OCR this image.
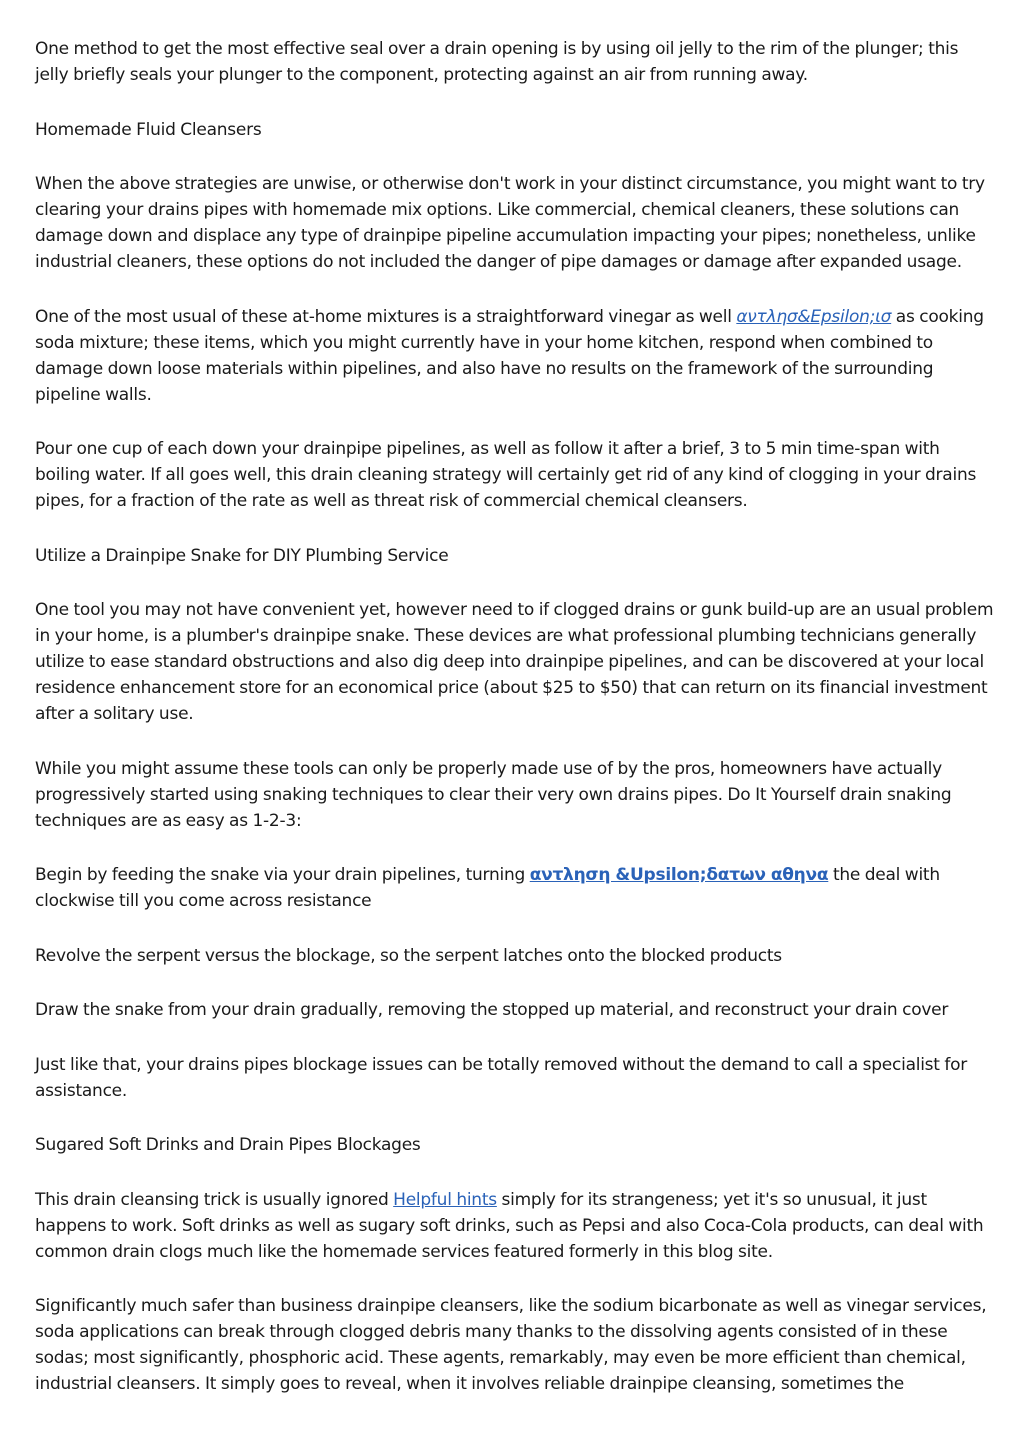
One method to get the most effective seal over a drain opening is by using oil jelly to the rim of the plunger; this jelly briefly seals your plunger to the component, protecting against an air from running away.

Homemade Fluid Cleansers

When the above strategies are unwise, or otherwise don't work in your distinct circumstance, you might want to try clearing your drains pipes with homemade mix options. Like commercial, chemical cleaners, these solutions can damage down and displace any type of drainpipe pipeline accumulation impacting your pipes; nonetheless, unlike industrial cleaners, these options do not included the danger of pipe damages or damage after expanded usage.

One of the most usual of these at-home mixtures is a straightforward vinegar as well αντλησ&Epsilon;ισ as cooking soda mixture; these items, which you might currently have in your home kitchen, respond when combined to damage down loose materials within pipelines, and also have no results on the framework of the surrounding pipeline walls.

Pour one cup of each down your drainpipe pipelines, as well as follow it after a brief, 3 to 5 min time-span with boiling water. If all goes well, this drain cleaning strategy will certainly get rid of any kind of clogging in your drains pipes, for a fraction of the rate as well as threat risk of commercial chemical cleansers.

Utilize a Drainpipe Snake for DIY Plumbing Service

One tool you may not have convenient yet, however need to if clogged drains or gunk build-up are an usual problem in your home, is a plumber's drainpipe snake. These devices are what professional plumbing technicians generally utilize to ease standard obstructions and also dig deep into drainpipe pipelines, and can be discovered at your local residence enhancement store for an economical price (about $25 to $50) that can return on its financial investment after a solitary use.

While you might assume these tools can only be properly made use of by the pros, homeowners have actually progressively started using snaking techniques to clear their very own drains pipes. Do It Yourself drain snaking techniques are as easy as 1-2-3:

Begin by feeding the snake via your drain pipelines, turning αντληση &Upsilon;δατων αθηνα the deal with clockwise till you come across resistance

Revolve the serpent versus the blockage, so the serpent latches onto the blocked products

Draw the snake from your drain gradually, removing the stopped up material, and reconstruct your drain cover

Just like that, your drains pipes blockage issues can be totally removed without the demand to call a specialist for assistance.

Sugared Soft Drinks and Drain Pipes Blockages

This drain cleansing trick is usually ignored Helpful hints simply for its strangeness; yet it's so unusual, it just happens to work. Soft drinks as well as sugary soft drinks, such as Pepsi and also Coca-Cola products, can deal with common drain clogs much like the homemade services featured formerly in this blog site.

Significantly much safer than business drainpipe cleansers, like the sodium bicarbonate as well as vinegar services, soda applications can break through clogged debris many thanks to the dissolving agents consisted of in these sodas; most significantly, phosphoric acid. These agents, remarkably, may even be more efficient than chemical, industrial cleansers. It simply goes to reveal, when it involves reliable drainpipe cleansing, sometimes the
